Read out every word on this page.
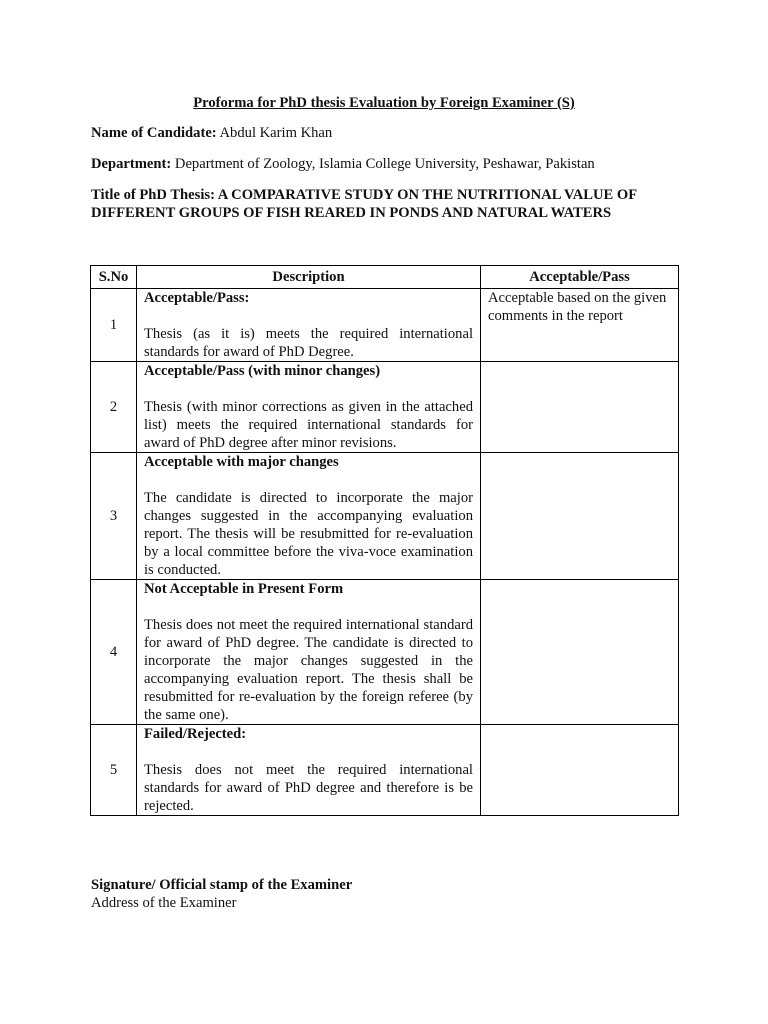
Proforma for PhD thesis Evaluation by Foreign Examiner (S)
Name of Candidate: Abdul Karim Khan
Department: Department of Zoology, Islamia College University, Peshawar, Pakistan
Title of PhD Thesis: A COMPARATIVE STUDY ON THE NUTRITIONAL VALUE OF DIFFERENT GROUPS OF FISH REARED IN PONDS AND NATURAL WATERS
S.No	Description	Acceptable/Pass
1	Acceptable/Pass:
Thesis (as it is) meets the required international standards for award of PhD Degree.	Acceptable based on the given comments in the report
2	Acceptable/Pass (with minor changes)
Thesis (with minor corrections as given in the attached list) meets the required international standards for award of PhD degree after minor revisions.	

3	Acceptable with major changes
The candidate is directed to incorporate the major changes suggested in the accompanying evaluation report. The thesis will be resubmitted for re-evaluation by a local committee before the viva-voce examination is conducted.	

4	Not Acceptable in Present Form
Thesis does not meet the required international standard for award of PhD degree. The candidate is directed to incorporate the major changes suggested in the accompanying evaluation report. The thesis shall be resubmitted for re-evaluation by the foreign referee (by the same one).	

5	Failed/Rejected:
Thesis does not meet the required international standards for award of PhD degree and therefore is be rejected.	

Signature/ Official stamp of the Examiner
Address of the Examiner
